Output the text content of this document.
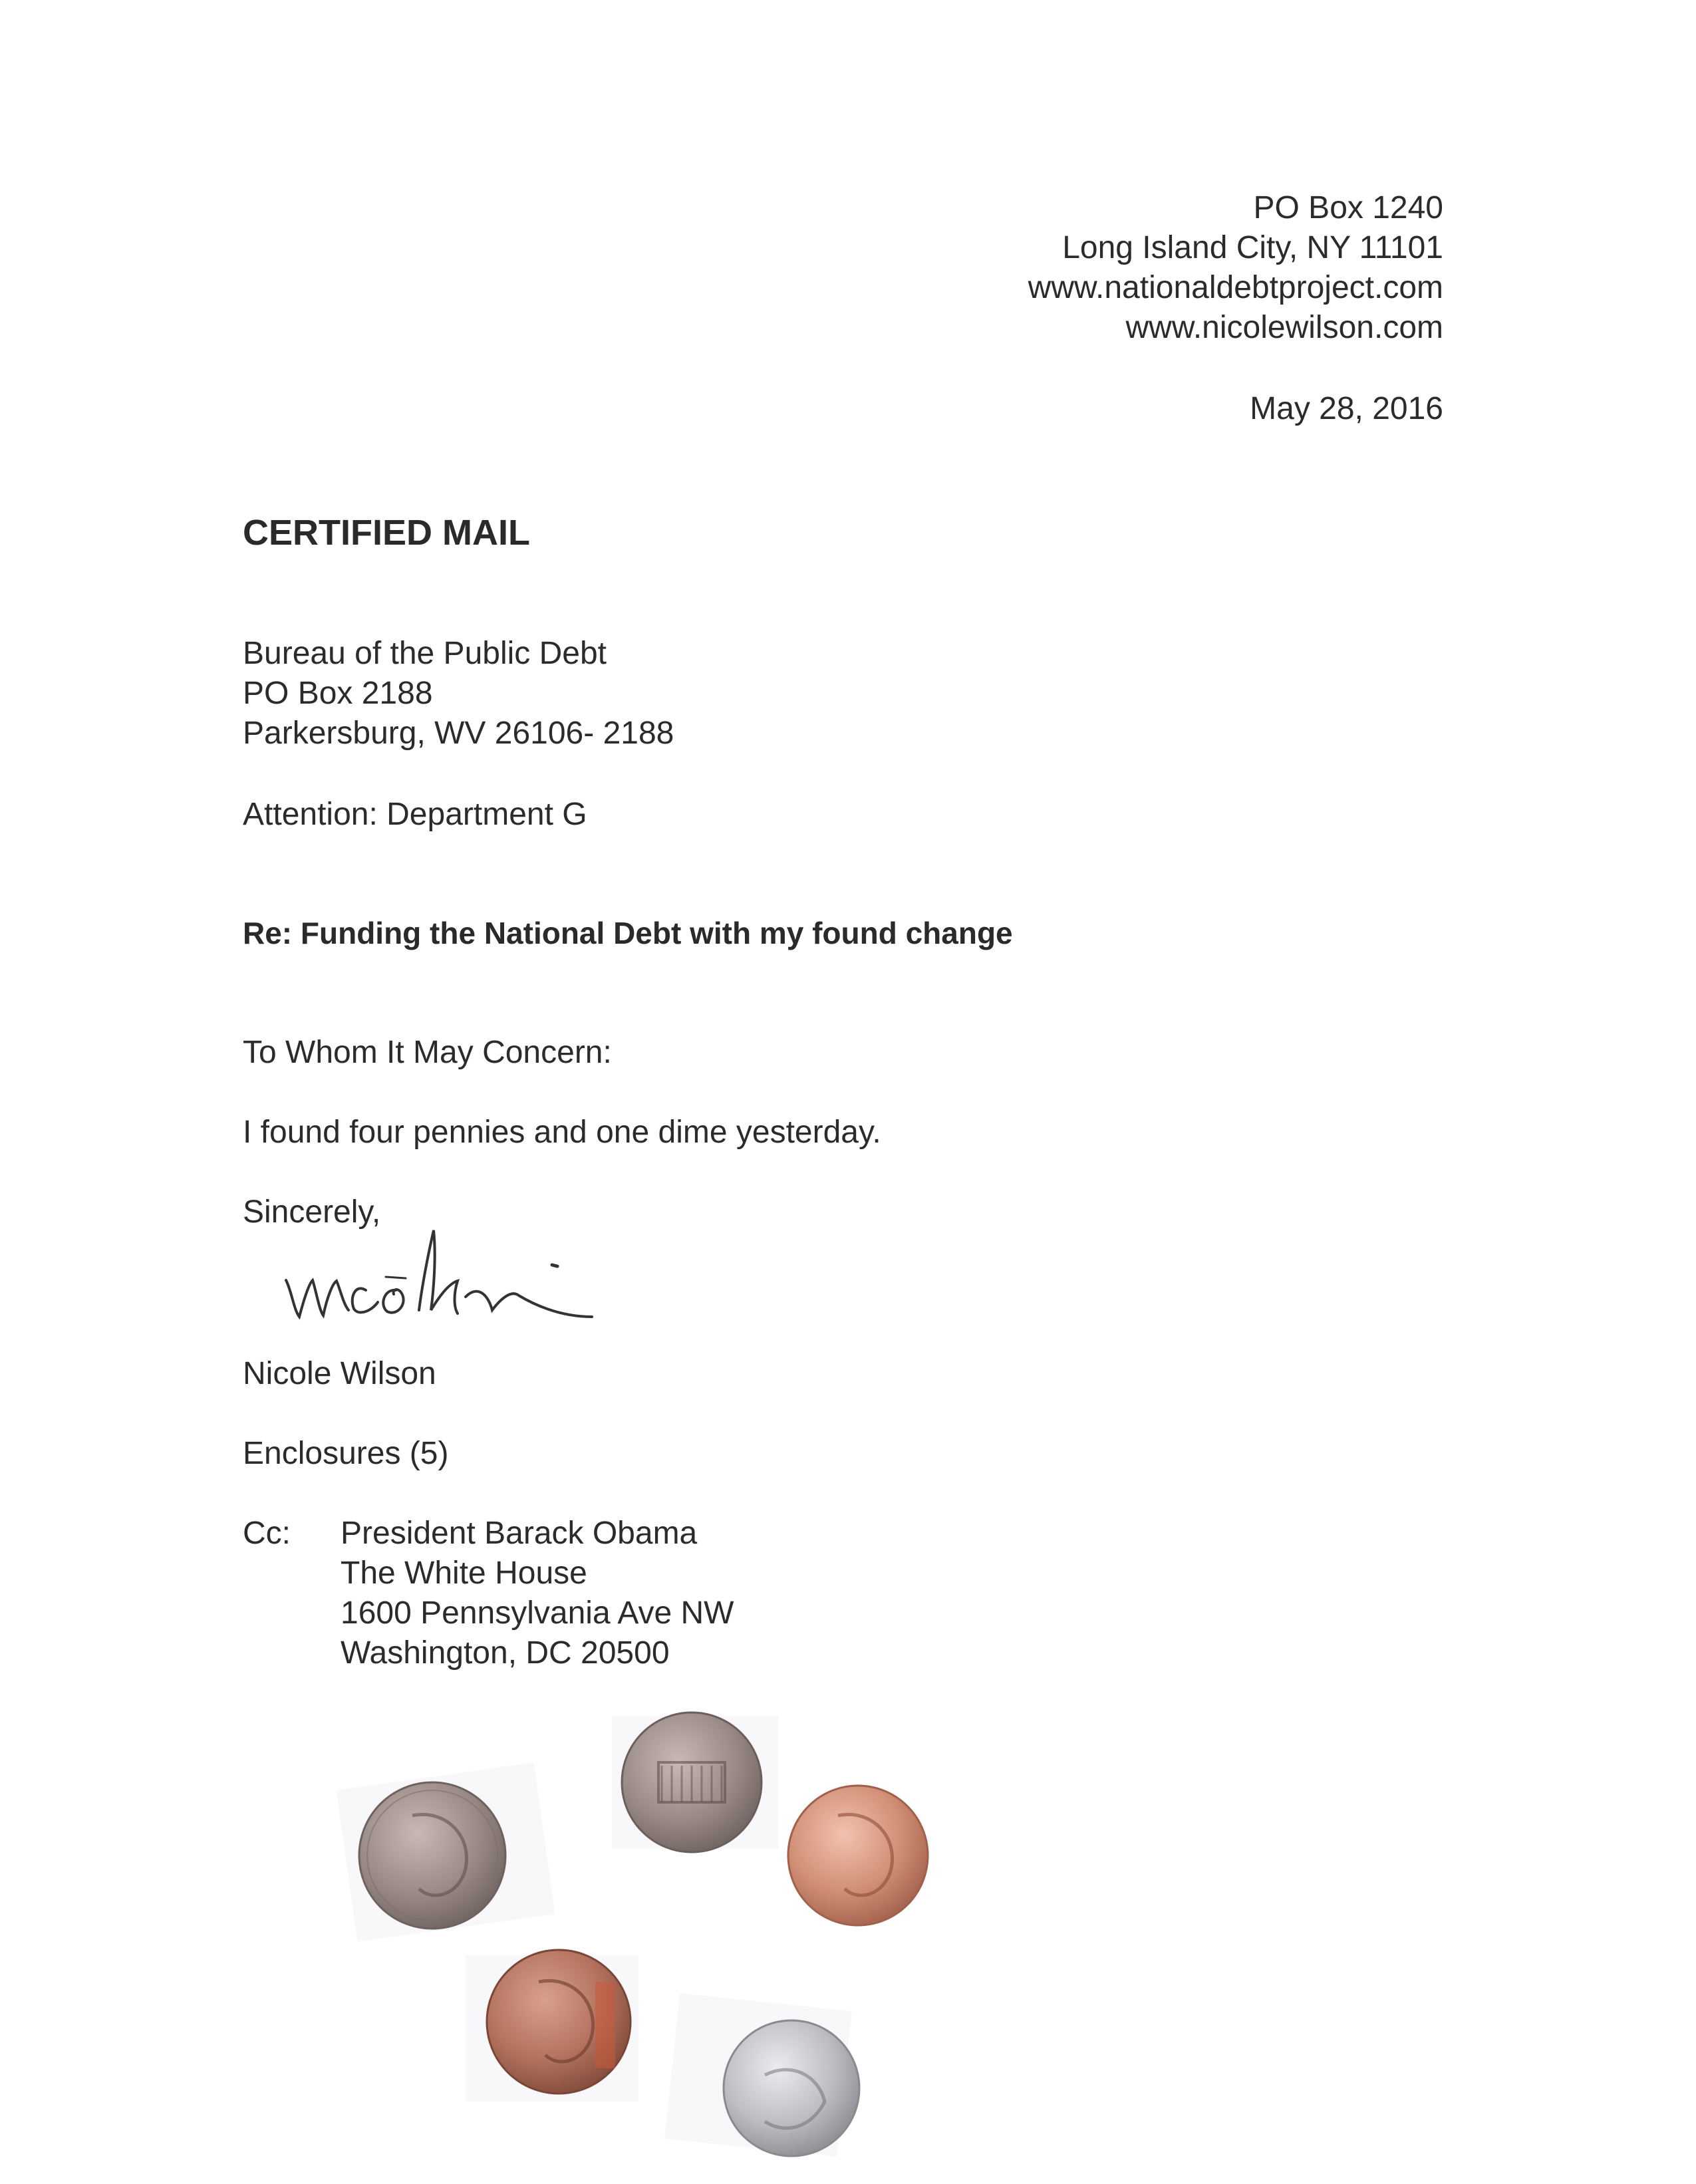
PO Box 1240
Long Island City, NY 11101
www.nationaldebtproject.com
www.nicolewilson.com
May 28, 2016
CERTIFIED MAIL
Bureau of the Public Debt
PO Box 2188
Parkersburg, WV 26106- 2188
Attention: Department G
Re: Funding the National Debt with my found change
To Whom It May Concern:
I found four pennies and one dime yesterday.
Sincerely,
Nicole Wilson
Enclosures (5)
Cc: President Barack Obama
The White House
1600 Pennsylvania Ave NW
Washington, DC 20500
